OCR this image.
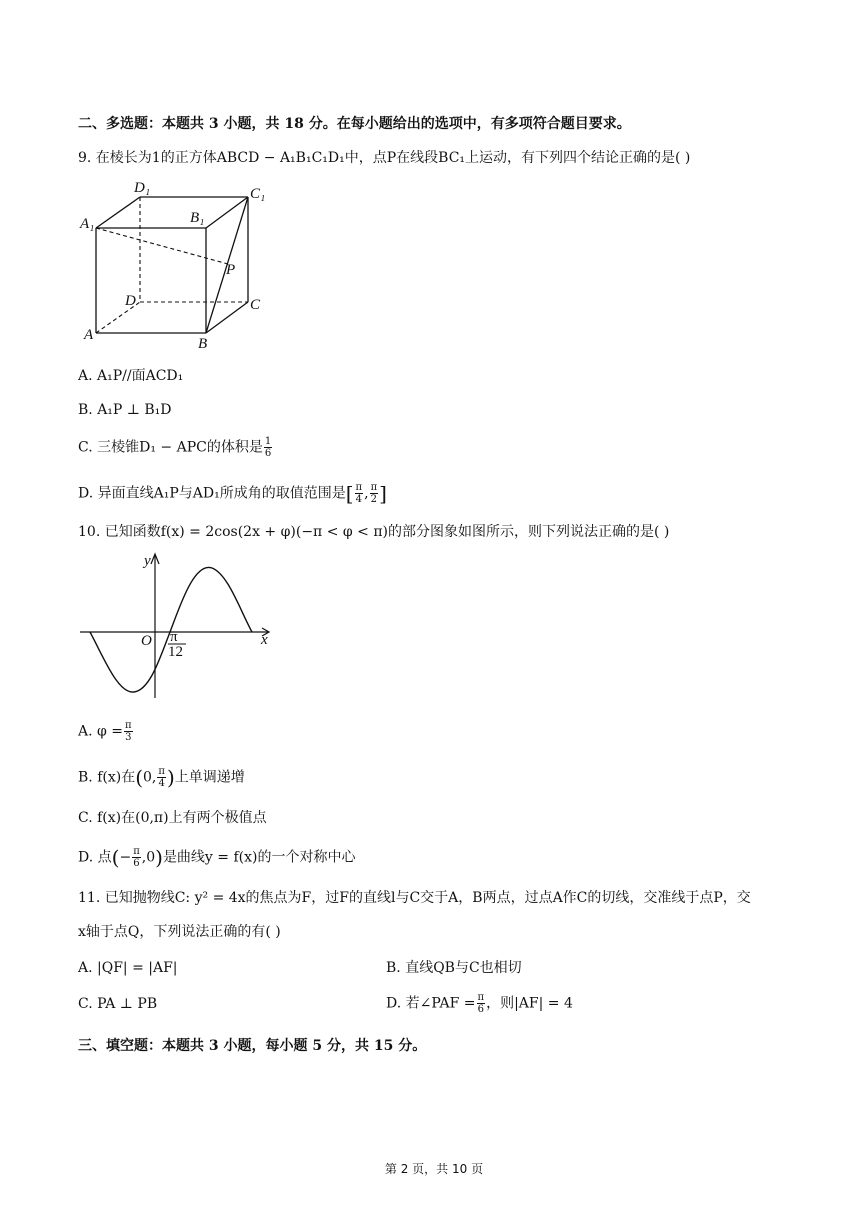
二、多选题：本题共 3 小题，共 18 分。在每小题给出的选项中，有多项符合题目要求。
9. 在棱长为1的正方体ABCD − A₁B₁C₁D₁中，点P在线段BC₁上运动，有下列四个结论正确的是( )
D₁	C₁
A₁	B₁
P
D	C
A
B
A. A₁P//面ACD₁
B. A₁P ⊥ B₁D
C. 三棱锥D₁ − APC的体积是 $\frac{1}{6}$
D. 异面直线A₁P与AD₁所成角的取值范围是[ $\frac{\pi}{4}$ , $\frac{\pi}{2}$ ]
10. 已知函数f(x) = 2cos(2x + φ)(−π < φ < π)的部分图象如图所示，则下列说法正确的是( )
y
x
O π
12
A. $\varphi = \frac{\pi}{3}$
B. f(x)在(0, $\frac{\pi}{4}$ )上单调递增
C. f(x)在(0,π)上有两个极值点
D. 点(− $\frac{\pi}{6} ,0$)是曲线y = f(x)的一个对称中心
11. 已知抛物线C: y² = 4x的焦点为F，过F的直线l与C交于A，B两点，过点A作C的切线，交准线于点P，交
x轴于点Q，下列说法正确的有( )
A. |QF| = |AF|	B. 直线QB与C也相切
C. PA ⊥ PB	D. 若∠PAF = $\frac{\pi}{6}$ ，则|AF| = 4
三、填空题：本题共 3 小题，每小题 5 分，共 15 分。
第 2 页，共 10 页
